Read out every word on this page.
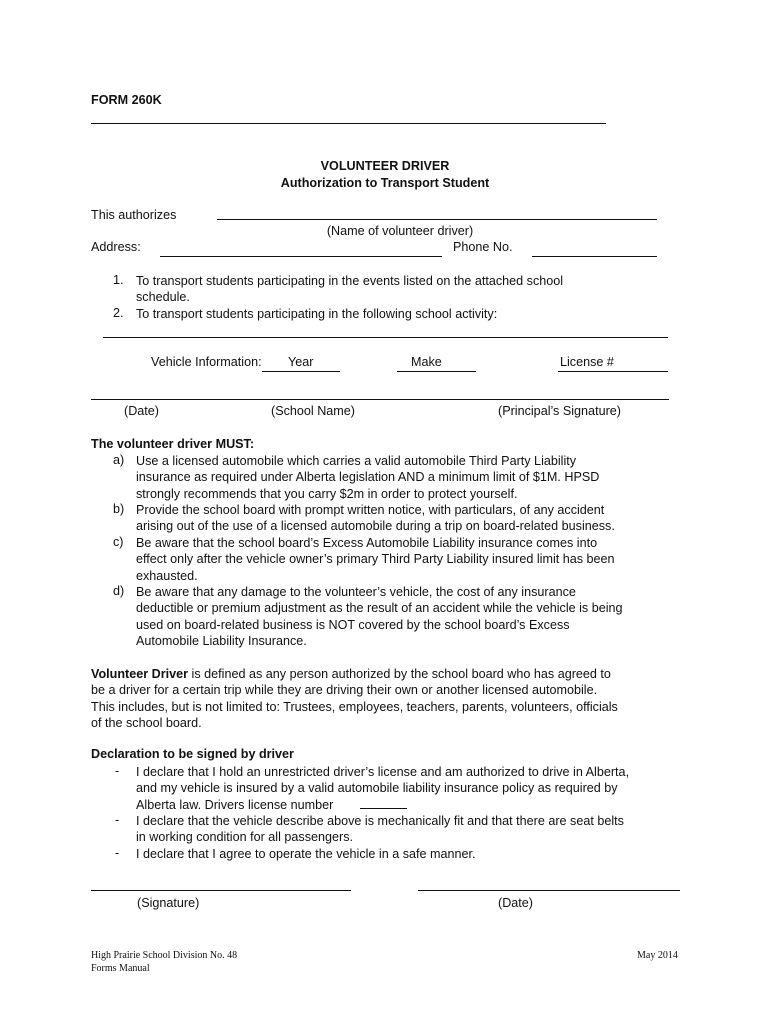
FORM 260K
VOLUNTEER DRIVER
Authorization to Transport Student
This authorizes
(Name of volunteer driver)
Address:	Phone No.
1. To transport students participating in the events listed on the attached school
schedule.
2. To transport students participating in the following school activity:
Vehicle Information: Year	Make	License #
(Date)	(School Name)	(Principal’s Signature)
The volunteer driver MUST:
a) Use a licensed automobile which carries a valid automobile Third Party Liability
insurance as required under Alberta legislation AND a minimum limit of $1M. HPSD
strongly recommends that you carry $2m in order to protect yourself.
b) Provide the school board with prompt written notice, with particulars, of any accident
arising out of the use of a licensed automobile during a trip on board-related business.
c) Be aware that the school board’s Excess Automobile Liability insurance comes into
effect only after the vehicle owner’s primary Third Party Liability insured limit has been
exhausted.
d) Be aware that any damage to the volunteer’s vehicle, the cost of any insurance
deductible or premium adjustment as the result of an accident while the vehicle is being
used on board-related business is NOT covered by the school board’s Excess
Automobile Liability Insurance.
Volunteer Driver is defined as any person authorized by the school board who has agreed to
be a driver for a certain trip while they are driving their own or another licensed automobile.
This includes, but is not limited to: Trustees, employees, teachers, parents, volunteers, officials
of the school board.
Declaration to be signed by driver
- I declare that I hold an unrestricted driver’s license and am authorized to drive in Alberta,
and my vehicle is insured by a valid automobile liability insurance policy as required by
Alberta law. Drivers license number
- I declare that the vehicle describe above is mechanically fit and that there are seat belts
in working condition for all passengers.
- I declare that I agree to operate the vehicle in a safe manner.
(Signature)	(Date)
High Prairie School Division No. 48
Forms Manual
May 2014
